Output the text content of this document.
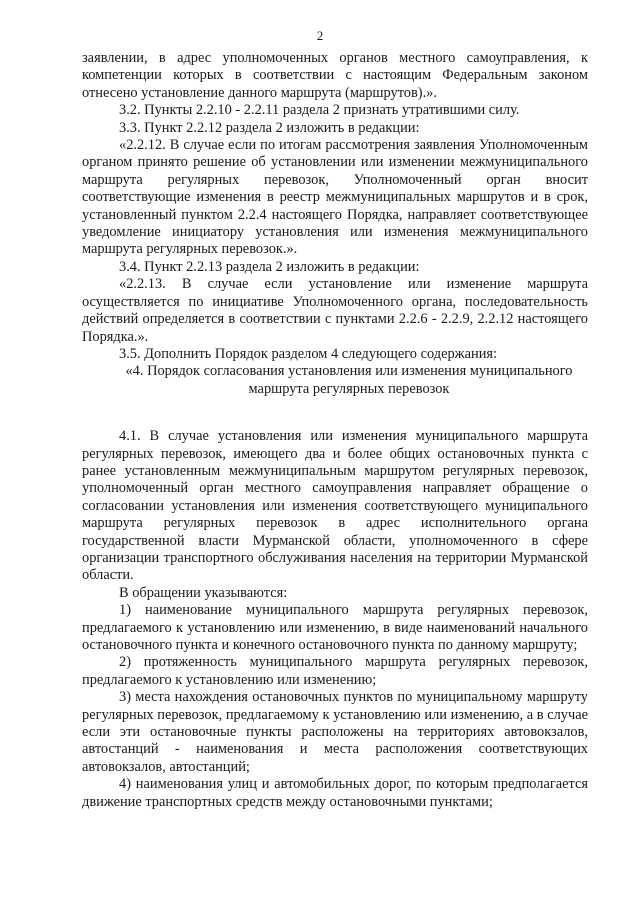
2

заявлении, в адрес уполномоченных органов местного самоуправления, к компетенции которых в соответствии с настоящим Федеральным законом отнесено установление данного маршрута (маршрутов).».

3.2. Пункты 2.2.10 - 2.2.11 раздела 2 признать утратившими силу.

3.3. Пункт 2.2.12 раздела 2 изложить в редакции:

«2.2.12. В случае если по итогам рассмотрения заявления Уполномоченным органом принято решение об установлении или изменении межмуниципального маршрута регулярных перевозок, Уполномоченный орган вносит соответствующие изменения в реестр межмуниципальных маршрутов и в срок, установленный пунктом 2.2.4 настоящего Порядка, направляет соответствующее уведомление инициатору установления или изменения межмуниципального маршрута регулярных перевозок.».

3.4. Пункт 2.2.13 раздела 2 изложить в редакции:

«2.2.13. В случае если установление или изменение маршрута осуществляется по инициативе Уполномоченного органа, последовательность действий определяется в соответствии с пунктами 2.2.6 - 2.2.9, 2.2.12 настоящего Порядка.».

3.5. Дополнить Порядок разделом 4 следующего содержания:

«4. Порядок согласования установления или изменения муниципального маршрута регулярных перевозок

4.1. В случае установления или изменения муниципального маршрута регулярных перевозок, имеющего два и более общих остановочных пункта с ранее установленным межмуниципальным маршрутом регулярных перевозок, уполномоченный орган местного самоуправления направляет обращение о согласовании установления или изменения соответствующего муниципального маршрута регулярных перевозок в адрес исполнительного органа государственной власти Мурманской области, уполномоченного в сфере организации транспортного обслуживания населения на территории Мурманской области.

В обращении указываются:

1) наименование муниципального маршрута регулярных перевозок, предлагаемого к установлению или изменению, в виде наименований начального остановочного пункта и конечного остановочного пункта по данному маршруту;

2) протяженность муниципального маршрута регулярных перевозок, предлагаемого к установлению или изменению;

3) места нахождения остановочных пунктов по муниципальному маршруту регулярных перевозок, предлагаемому к установлению или изменению, а в случае если эти остановочные пункты расположены на территориях автовокзалов, автостанций - наименования и места расположения соответствующих автовокзалов, автостанций;

4) наименования улиц и автомобильных дорог, по которым предполагается движение транспортных средств между остановочными пунктами;
